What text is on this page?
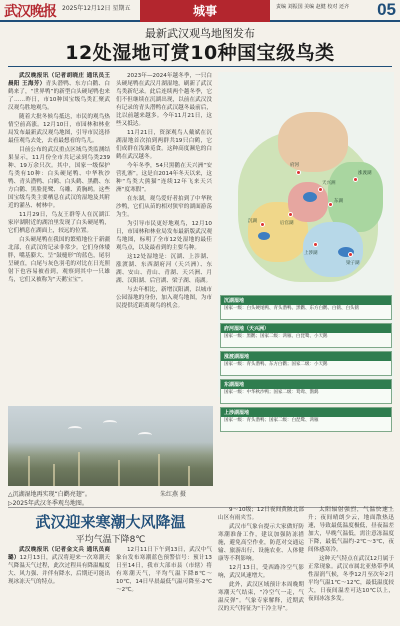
武汉晚报 2025年12月12日 星期五	城事	责编 刘振国 美编 赵健 校对 还齐 05
最新武汉观鸟地图发布
12处湿地可赏10种国宝级鸟类

武汉晚报讯（记者胡晓庄 通讯员王晨阳 王海芳）青头潜鸭、东方白鹳、白鹤来了，“世界鸭”的新型白头硬尾鸭也来了……昨日，市10种国宝级鸟类汇聚武汉观鸟胜地观鸟。

随着大批冬候鸟抵达，市民的观鸟热情空前高涨。12月10日，市园林和林业局发布最新武汉观鸟地图，引导市民选择最佳观鸟去处，去看最想看的鸟儿。

目前公布的武汉重点区域鸟类监测结果显示，11月份全市共记录到鸟类239种、19万余只次。其中，国家一级保护鸟类有10种：白头硬尾鸭、中华秋沙鸭、青头潜鸭、白鹤、白头鹤、黑鹳、东方白鹳、黑脸琵鹭、乌雕、黄胸鹀。这些国宝级鸟类主要栖息在武汉的湿地及其附近的灌丛、树林中。

11月29日，鸟友王群等人在沉湖江家岸湖附近的湖泊里发现了白头硬尾鸭，它们栖息在湖面上，较远的位置。

白头硬尾鸭在我国的繁殖地位于新疆北部，在武汉的记录非常少。它们身体矮胖，嘴基膨大、呈“鼓槌形”的蓝色，尾羽呈硬直，白尾与灰色羽毛的对比在日光照射下也容易被看到，观察到其中一只雄鸟，它们又被称为“天鹅宝宝”。

2023年—2024年越冬季，一只白头硬尾鸭在武汉月湖湿地，刷新了武汉鸟类新纪录。此后连续两个越冬季，它们不但继续在沉湖出现，以前在武汉没有记录的青头潜鸭在武汉越冬最前后，比以前越来越多。今年11月21日，这些又抵达。

11月21日，资深观鸟人戴斌在沉湖湿地首次拍到两群共19只白鹤，它们成群在浅滩觅食。这种高度濒危的白鹤在武汉越冬。

今年冬季，54只黑鹳在天兴洲“安营扎寨”。这是自2014年冬天以来，这种“鸟类大熊猫”连续12年飞来天兴洲“度寒假”。

在东湖，观鸟爱好者拍到了中华秋沙鸭，它们从苗的相对狭窄的湖面游荡为生。

为引导市民更好地观鸟，12月10日，市园林和林业局发布最新版武汉观鸟地图，标明了全市12处湿地的最佳观鸟点，以及最看到的主要鸟种。

这12处湿地是：沉湖、上涉湖、涨渡湖、东西湖府河（天兴洲）、东湖、安山、青山、青湖、天兴洲、月湖、汉阳湖、后官湖、梁子湖、南湖。

与去年相比，新增汉阳湖，以城市公园湿地的身份，加入观鸟地图，为市民提供近距离观鸟的机会。

△沉湖湿地再实现“白鹳亮翅”。	朱红燕 摄
▷2025年武汉冬季观鸟地图。
府河
天兴洲
涨渡湖
东湖
沉湖	后官湖
上涉湖
梁子湖
沉湖湿地
国家一级：白头硬尾鸭、青头潜鸭、黑鹳、东方白鹳、白鹤、白头鹤
府河湿地（天兴洲）
国家一级：黑鹳；国家二级：鸿雁、白琵鹭、小天鹅
涨渡湖湿地
国家一级：青头潜鸭、东方白鹳；国家二级：小天鹅
东湖湿地
国家一级：中华秋沙鸭；国家二级：鸳鸯、鹊鹞
上涉湖湿地
国家一级：青头潜鸭；国家二级：白琵鹭、鸿雁
武汉迎来寒潮大风降温
平均气温下降8℃

武汉晚报讯（记者金文兵 通讯员商璐）12月13日，武汉将迎来一次寒潮天气降温天气过程，此次过程具有降温幅度大、风力强、并伴有降水，后期还可能出现冰冻天气的特点。

12月11日下午到13日，武汉中气象台发布寒潮蓝色预警信号：预计13日至14日，我市大部市县（市辖）将有寒潮天气，平均气温下降8℃～10℃，14日早晨最低气温可降至-2℃～2℃。

9～10级；12日夜间黄陂北部山区有雨夹雪。

武汉市气象台提示大家做好防寒潮准备工作，建议加强防冻措施，避免高空作业，防范对交通运输、旅游出行、设施农业、人体健康等不利影响。

12月13日，受西路冷空气影响，武汉风速增大。

此外，武汉区域预计本周晚期寒潮天气结束，“冷空气一走，气温反弹”。气象专家解释，近期武汉的天气特征为“干冷主导”。

太阳辐射强烈，气温快速上升；夜间晴朗少云，地面散热迅速，导致最低温度极低，昼夜温差加大，早晚气温低，需注意冻温度下降，最低气温约-2℃～3℃，夜间体感寒冷。

这种天气特点在武汉12月属于正常现象。武汉市属北亚热带季风性湿润气候，冬季12月至次年2月平均气温1℃～12℃，最低温度较大，日夜间温差可达10℃以上，夜间冰冻多发。
